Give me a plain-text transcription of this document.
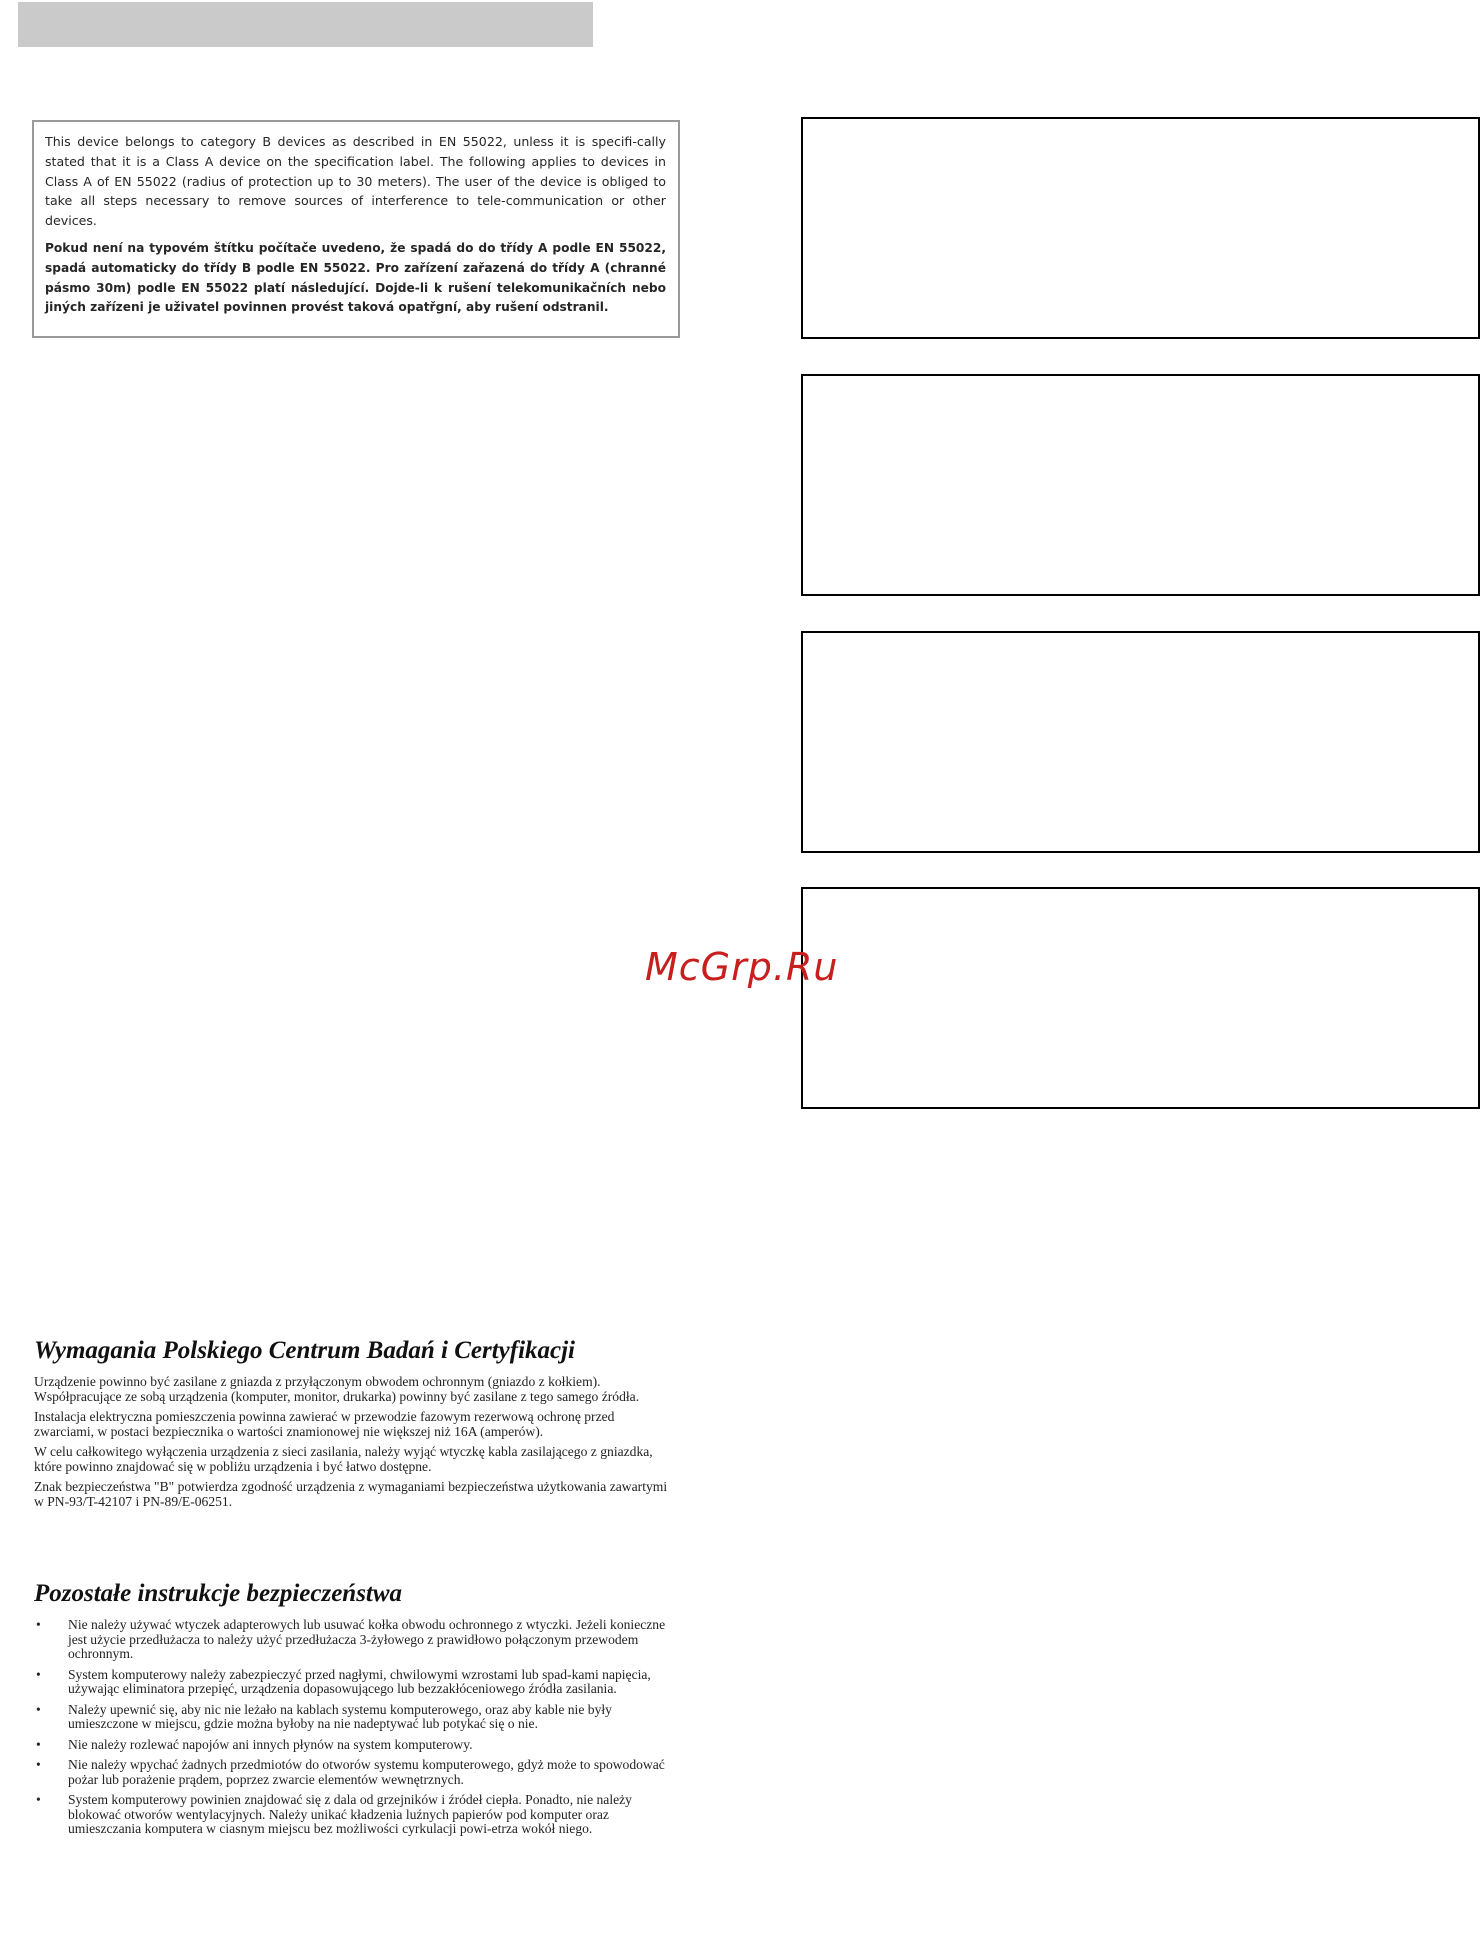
This device belongs to category B devices as described in EN 55022, unless it is specifi-cally stated that it is a Class A device on the specification label. The following applies to devices in Class A of EN 55022 (radius of protection up to 30 meters). The user of the device is obliged to take all steps necessary to remove sources of interference to tele-communication or other devices.

Pokud není na typovém štítku počítače uvedeno, že spadá do do třídy A podle EN 55022, spadá automaticky do třídy B podle EN 55022. Pro zařízení zařazená do třídy A (chranné pásmo 30m) podle EN 55022 platí následující. Dojde-li k rušení telekomunikačních nebo jiných zařízeni je uživatel povinnen provést taková opatřgní, aby rušení odstranil.

McGrp.Ru
Wymagania Polskiego Centrum Badań i Certyfikacji

Urządzenie powinno być zasilane z gniazda z przyłączonym obwodem ochronnym (gniazdo z kołkiem). Współpracujące ze sobą urządzenia (komputer, monitor, drukarka) powinny być zasilane z tego samego źródła.

Instalacja elektryczna pomieszczenia powinna zawierać w przewodzie fazowym rezerwową ochronę przed zwarciami, w postaci bezpiecznika o wartości znamionowej nie większej niż 16A (amperów).

W celu całkowitego wyłączenia urządzenia z sieci zasilania, należy wyjąć wtyczkę kabla zasilającego z gniazdka, które powinno znajdować się w pobliżu urządzenia i być łatwo dostępne.

Znak bezpieczeństwa "B" potwierdza zgodność urządzenia z wymaganiami bezpieczeństwa użytkowania zawartymi w PN-93/T-42107 i PN-89/E-06251.

Pozostałe instrukcje bezpieczeństwa
• Nie należy używać wtyczek adapterowych lub usuwać kołka obwodu ochronnego z wtyczki. Jeżeli konieczne jest użycie przedłużacza to należy użyć przedłużacza 3-żyłowego z prawidłowo połączonym przewodem ochronnym.
• System komputerowy należy zabezpieczyć przed nagłymi, chwilowymi wzrostami lub spad-kami napięcia, używając eliminatora przepięć, urządzenia dopasowującego lub bezzakłóceniowego źródła zasilania.
• Należy upewnić się, aby nic nie leżało na kablach systemu komputerowego, oraz aby kable nie były umieszczone w miejscu, gdzie można byłoby na nie nadeptywać lub potykać się o nie.
• Nie należy rozlewać napojów ani innych płynów na system komputerowy.
• Nie należy wpychać żadnych przedmiotów do otworów systemu komputerowego, gdyż może to spowodować pożar lub porażenie prądem, poprzez zwarcie elementów wewnętrznych.
• System komputerowy powinien znajdować się z dala od grzejników i źródeł ciepła. Ponadto, nie należy blokować otworów wentylacyjnych. Należy unikać kładzenia luźnych papierów pod komputer oraz umieszczania komputera w ciasnym miejscu bez możliwości cyrkulacji powi-etrza wokół niego.
